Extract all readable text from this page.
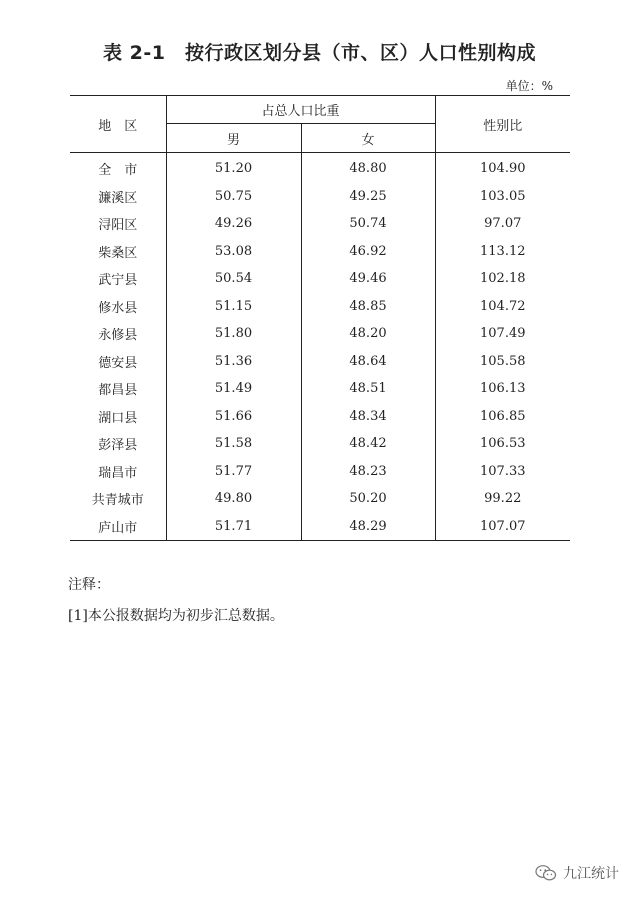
表 2-1　按行政区划分县（市、区）人口性别构成
单位：%
地　区	占总人口比重		性别比
	男	女	
全　市	51.20	48.80	104.90
濂溪区	50.75	49.25	103.05
浔阳区	49.26	50.74	97.07
柴桑区	53.08	46.92	113.12
武宁县	50.54	49.46	102.18
修水县	51.15	48.85	104.72
永修县	51.80	48.20	107.49
德安县	51.36	48.64	105.58
都昌县	51.49	48.51	106.13
湖口县	51.66	48.34	106.85
彭泽县	51.58	48.42	106.53
瑞昌市	51.77	48.23	107.33
共青城市	49.80	50.20	99.22
庐山市	51.71	48.29	107.07
注释：
[1]本公报数据均为初步汇总数据。
九江统计
